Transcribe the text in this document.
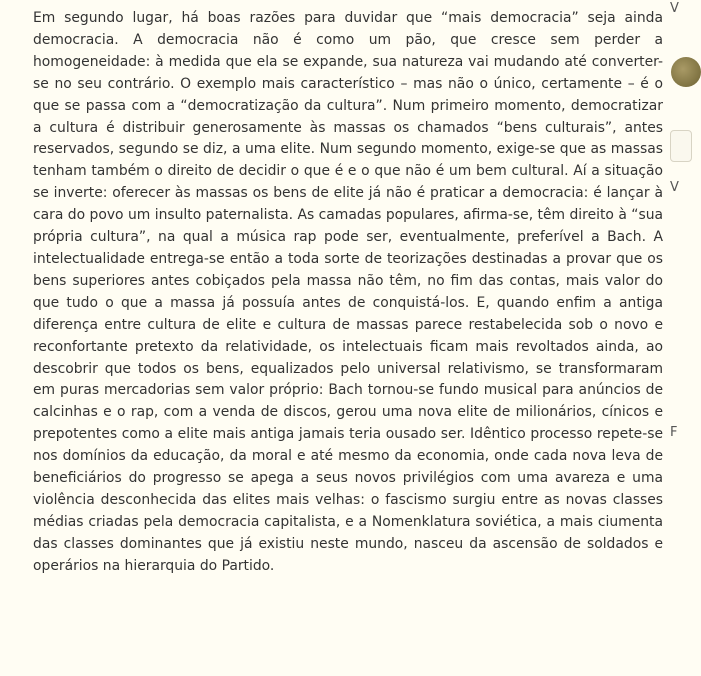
Em segundo lugar, há boas razões para duvidar que “mais democracia” seja ainda democracia. A democracia não é como um pão, que cresce sem perder a homogeneidade: à medida que ela se expande, sua natureza vai mudando até converter-se no seu contrário. O exemplo mais característico – mas não o único, certamente – é o que se passa com a “democratização da cultura”. Num primeiro momento, democratizar a cultura é distribuir generosamente às massas os chamados “bens culturais”, antes reservados, segundo se diz, a uma elite. Num segundo momento, exige-se que as massas tenham também o direito de decidir o que é e o que não é um bem cultural. Aí a situação se inverte: oferecer às massas os bens de elite já não é praticar a democracia: é lançar à cara do povo um insulto paternalista. As camadas populares, afirma-se, têm direito à “sua própria cultura”, na qual a música rap pode ser, eventualmente, preferível a Bach. A intelectualidade entrega-se então a toda sorte de teorizações destinadas a provar que os bens superiores antes cobiçados pela massa não têm, no fim das contas, mais valor do que tudo o que a massa já possuía antes de conquistá-los. E, quando enfim a antiga diferença entre cultura de elite e cultura de massas parece restabelecida sob o novo e reconfortante pretexto da relatividade, os intelectuais ficam mais revoltados ainda, ao descobrir que todos os bens, equalizados pelo universal relativismo, se transformaram em puras mercadorias sem valor próprio: Bach tornou-se fundo musical para anúncios de calcinhas e o rap, com a venda de discos, gerou uma nova elite de milionários, cínicos e prepotentes como a elite mais antiga jamais teria ousado ser. Idêntico processo repete-se nos domínios da educação, da moral e até mesmo da economia, onde cada nova leva de beneficiários do progresso se apega a seus novos privilégios com uma avareza e uma violência desconhecida das elites mais velhas: o fascismo surgiu entre as novas classes médias criadas pela democracia capitalista, e a Nomenklatura soviética, a mais ciumenta das classes dominantes que já existiu neste mundo, nasceu da ascensão de soldados e operários na hierarquia do Partido.

V
V
F
